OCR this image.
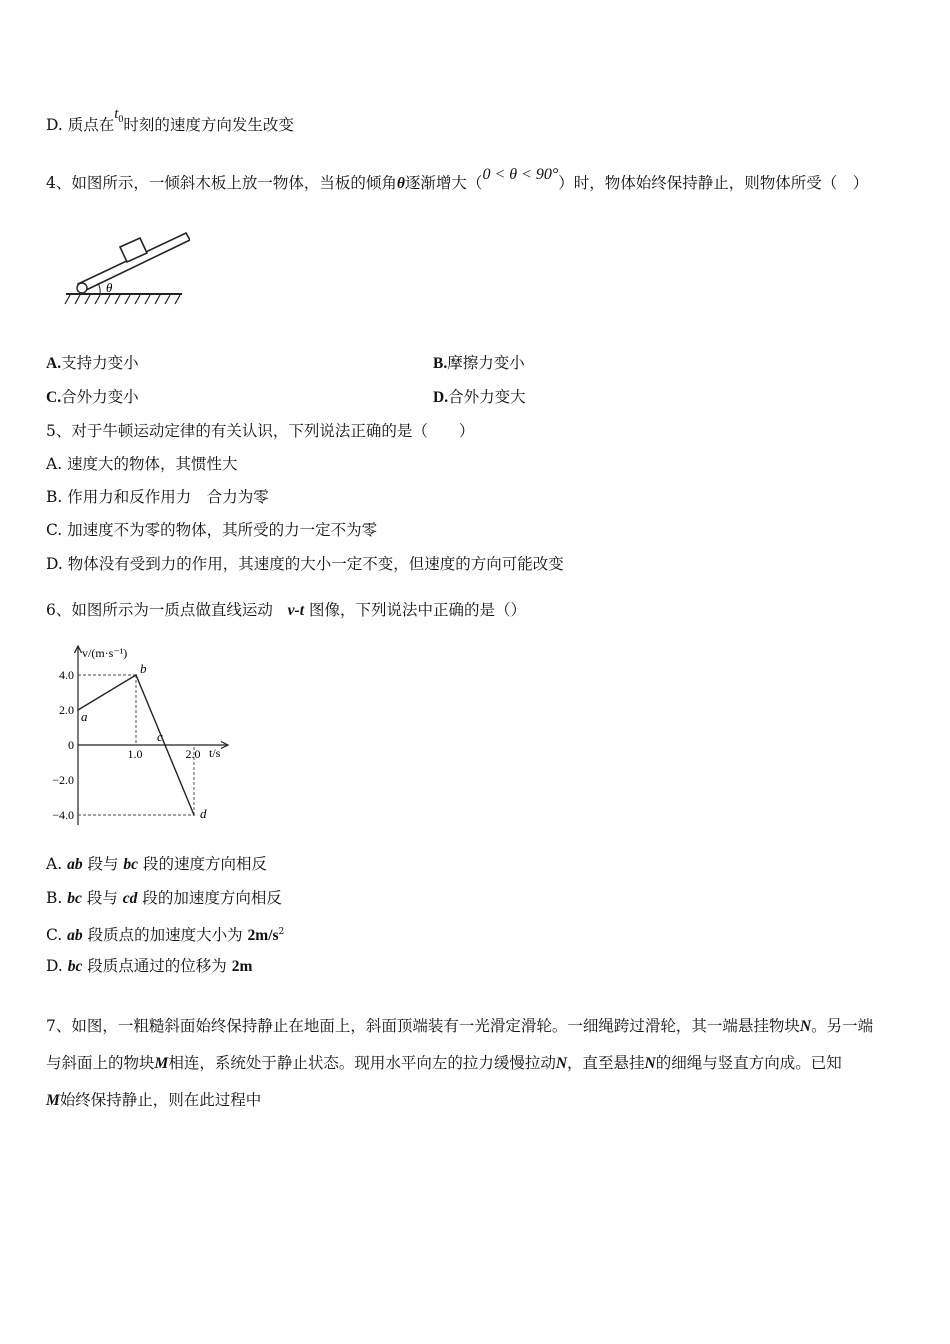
D. 质点在$t_0$时刻的速度方向发生改变
4、如图所示，一倾斜木板上放一物体，当板的倾角θ逐渐增大（0 < θ < 90°）时，物体始终保持静止，则物体所受（　）
θ
A.支持力变小	B.摩擦力变小
C.合外力变小	D.合外力变大
5、对于牛顿运动定律的有关认识，下列说法正确的是（　　）
A. 速度大的物体，其惯性大
B. 作用力和反作用力　合力为零
C. 加速度不为零的物体，其所受的力一定不为零
D. 物体没有受到力的作用，其速度的大小一定不变，但速度的方向可能改变
6、如图所示为一质点做直线运动 v-t 图像，下列说法中正确的是（）
v/(m·s⁻¹)
t/s
4.0
2.0
0
−2.0
−4.0
1.0	2.0
a
b
c
d
A. ab 段与 bc 段的速度方向相反
B. bc 段与 cd 段的加速度方向相反
C. ab 段质点的加速度大小为 $2m/s^2$
D. bc 段质点通过的位移为 2m
7、如图，一粗糙斜面始终保持静止在地面上，斜面顶端装有一光滑定滑轮。一细绳跨过滑轮，其一端悬挂物块N。另一端
与斜面上的物块M相连，系统处于静止状态。现用水平向左的拉力缓慢拉动N，直至悬挂N的细绳与竖直方向成。已知
M始终保持静止，则在此过程中
